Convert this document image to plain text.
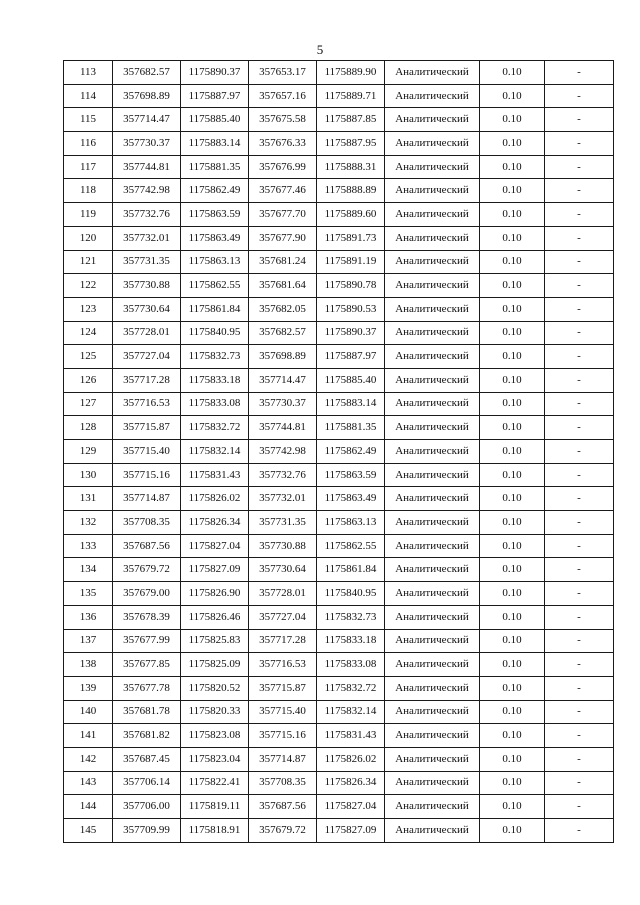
5
113	357682.57	1175890.37	357653.17	1175889.90	Аналитический	0.10	-
114	357698.89	1175887.97	357657.16	1175889.71	Аналитический	0.10	-
115	357714.47	1175885.40	357675.58	1175887.85	Аналитический	0.10	-
116	357730.37	1175883.14	357676.33	1175887.95	Аналитический	0.10	-
117	357744.81	1175881.35	357676.99	1175888.31	Аналитический	0.10	-
118	357742.98	1175862.49	357677.46	1175888.89	Аналитический	0.10	-
119	357732.76	1175863.59	357677.70	1175889.60	Аналитический	0.10	-
120	357732.01	1175863.49	357677.90	1175891.73	Аналитический	0.10	-
121	357731.35	1175863.13	357681.24	1175891.19	Аналитический	0.10	-
122	357730.88	1175862.55	357681.64	1175890.78	Аналитический	0.10	-
123	357730.64	1175861.84	357682.05	1175890.53	Аналитический	0.10	-
124	357728.01	1175840.95	357682.57	1175890.37	Аналитический	0.10	-
125	357727.04	1175832.73	357698.89	1175887.97	Аналитический	0.10	-
126	357717.28	1175833.18	357714.47	1175885.40	Аналитический	0.10	-
127	357716.53	1175833.08	357730.37	1175883.14	Аналитический	0.10	-
128	357715.87	1175832.72	357744.81	1175881.35	Аналитический	0.10	-
129	357715.40	1175832.14	357742.98	1175862.49	Аналитический	0.10	-
130	357715.16	1175831.43	357732.76	1175863.59	Аналитический	0.10	-
131	357714.87	1175826.02	357732.01	1175863.49	Аналитический	0.10	-
132	357708.35	1175826.34	357731.35	1175863.13	Аналитический	0.10	-
133	357687.56	1175827.04	357730.88	1175862.55	Аналитический	0.10	-
134	357679.72	1175827.09	357730.64	1175861.84	Аналитический	0.10	-
135	357679.00	1175826.90	357728.01	1175840.95	Аналитический	0.10	-
136	357678.39	1175826.46	357727.04	1175832.73	Аналитический	0.10	-
137	357677.99	1175825.83	357717.28	1175833.18	Аналитический	0.10	-
138	357677.85	1175825.09	357716.53	1175833.08	Аналитический	0.10	-
139	357677.78	1175820.52	357715.87	1175832.72	Аналитический	0.10	-
140	357681.78	1175820.33	357715.40	1175832.14	Аналитический	0.10	-
141	357681.82	1175823.08	357715.16	1175831.43	Аналитический	0.10	-
142	357687.45	1175823.04	357714.87	1175826.02	Аналитический	0.10	-
143	357706.14	1175822.41	357708.35	1175826.34	Аналитический	0.10	-
144	357706.00	1175819.11	357687.56	1175827.04	Аналитический	0.10	-
145	357709.99	1175818.91	357679.72	1175827.09	Аналитический	0.10	-
